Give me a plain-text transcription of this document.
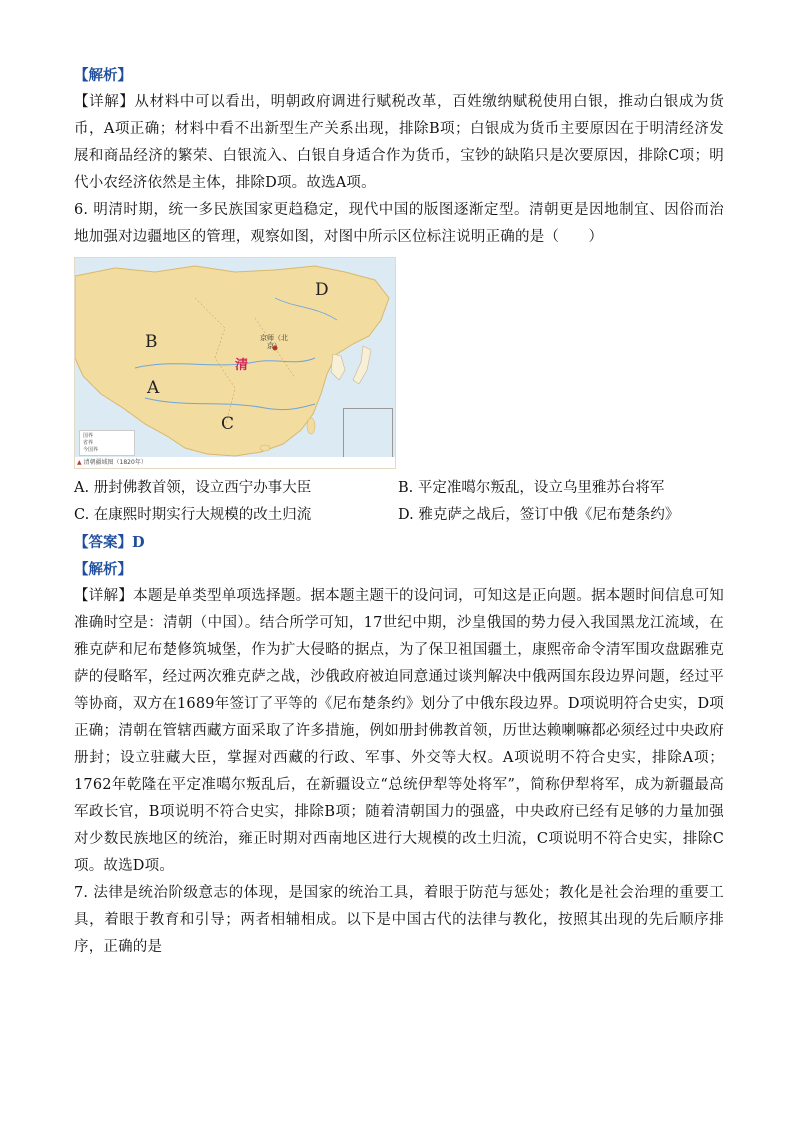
【解析】

【详解】从材料中可以看出，明朝政府调进行赋税改革，百姓缴纳赋税使用白银，推动白银成为货币，A项正确；材料中看不出新型生产关系出现，排除B项；白银成为货币主要原因在于明清经济发展和商品经济的繁荣、白银流入、白银自身适合作为货币，宝钞的缺陷只是次要原因，排除C项；明代小农经济依然是主体，排除D项。故选A项。

6. 明清时期，统一多民族国家更趋稳定，现代中国的版图逐渐定型。清朝更是因地制宜、因俗而治地加强对边疆地区的管理，观察如图，对图中所示区位标注说明正确的是（　　）

D
B
A
C
清
京师（北京）
国界
省界
今国界
▲ 清朝疆域图（1820年）
A. 册封佛教首领，设立西宁办事大臣	B. 平定准噶尔叛乱，设立乌里雅苏台将军
C. 在康熙时期实行大规模的改土归流	D. 雅克萨之战后，签订中俄《尼布楚条约》

【答案】D

【解析】

【详解】本题是单类型单项选择题。据本题主题干的设问词，可知这是正向题。据本题时间信息可知准确时空是：清朝（中国）。结合所学可知，17世纪中期，沙皇俄国的势力侵入我国黑龙江流域，在雅克萨和尼布楚修筑城堡，作为扩大侵略的据点，为了保卫祖国疆土，康熙帝命令清军围攻盘踞雅克萨的侵略军，经过两次雅克萨之战，沙俄政府被迫同意通过谈判解决中俄两国东段边界问题，经过平等协商，双方在1689年签订了平等的《尼布楚条约》划分了中俄东段边界。D项说明符合史实，D项正确；清朝在管辖西藏方面采取了许多措施，例如册封佛教首领，历世达赖喇嘛都必须经过中央政府册封；设立驻藏大臣，掌握对西藏的行政、军事、外交等大权。A项说明不符合史实，排除A项；1762年乾隆在平定准噶尔叛乱后，在新疆设立“总统伊犁等处将军”，简称伊犁将军，成为新疆最高军政长官，B项说明不符合史实，排除B项；随着清朝国力的强盛，中央政府已经有足够的力量加强对少数民族地区的统治，雍正时期对西南地区进行大规模的改土归流，C项说明不符合史实，排除C项。故选D项。

7. 法律是统治阶级意志的体现，是国家的统治工具，着眼于防范与惩处；教化是社会治理的重要工具，着眼于教育和引导；两者相辅相成。以下是中国古代的法律与教化，按照其出现的先后顺序排序，正确的是
